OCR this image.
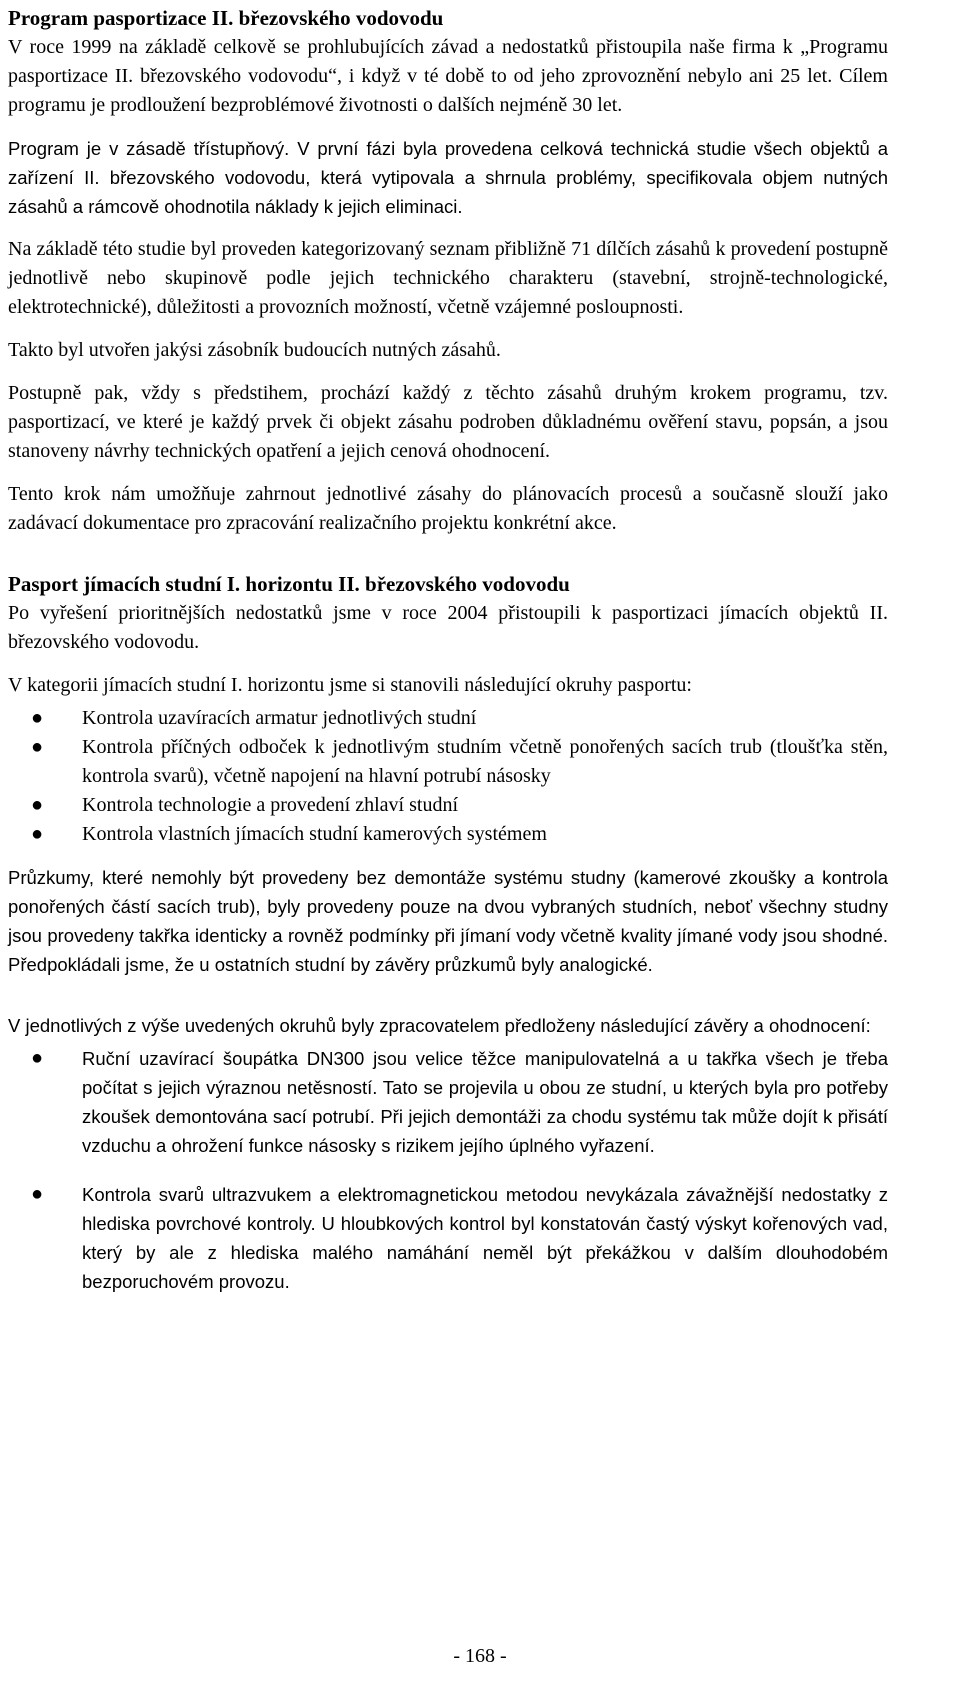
Program pasportizace II. březovského vodovodu

V roce 1999 na základě celkově se prohlubujících závad a nedostatků přistoupila naše firma k „Programu pasportizace II. březovského vodovodu“, i když v té době to od jeho zprovoznění nebylo ani 25 let. Cílem programu je prodloužení bezproblémové životnosti o dalších nejméně 30 let.

Program je v zásadě třístupňový. V první fázi byla provedena celková technická studie všech objektů a zařízení II. březovského vodovodu, která vytipovala a shrnula problémy, specifikovala objem nutných zásahů a rámcově ohodnotila náklady k jejich eliminaci.

Na základě této studie byl proveden kategorizovaný seznam přibližně 71 dílčích zásahů k provedení postupně jednotlivě nebo skupinově podle jejich technického charakteru (stavební, strojně-technologické, elektrotechnické), důležitosti a provozních možností, včetně vzájemné posloupnosti.

Takto byl utvořen jakýsi zásobník budoucích nutných zásahů.

Postupně pak, vždy s předstihem, prochází každý z těchto zásahů druhým krokem programu, tzv. pasportizací, ve které je každý prvek či objekt zásahu podroben důkladnému ověření stavu, popsán, a jsou stanoveny návrhy technických opatření a jejich cenová ohodnocení.

Tento krok nám umožňuje zahrnout jednotlivé zásahy do plánovacích procesů a současně slouží jako zadávací dokumentace pro zpracování realizačního projektu konkrétní akce.

Pasport jímacích studní I. horizontu II. březovského vodovodu

Po vyřešení prioritnějších nedostatků jsme v roce 2004 přistoupili k pasportizaci jímacích objektů II. březovského vodovodu.

V kategorii jímacích studní I. horizontu jsme si stanovili následující okruhy pasportu:

● Kontrola uzavíracích armatur jednotlivých studní
● Kontrola příčných odboček k jednotlivým studním včetně ponořených sacích trub (tloušťka stěn, kontrola svarů), včetně napojení na hlavní potrubí násosky
● Kontrola technologie a provedení zhlaví studní
● Kontrola vlastních jímacích studní kamerových systémem

Průzkumy, které nemohly být provedeny bez demontáže systému studny (kamerové zkoušky a kontrola ponořených částí sacích trub), byly provedeny pouze na dvou vybraných studních, neboť všechny studny jsou provedeny takřka identicky a rovněž podmínky při jímaní vody včetně kvality jímané vody jsou shodné. Předpokládali jsme, že u ostatních studní by závěry průzkumů byly analogické.

V jednotlivých z výše uvedených okruhů byly zpracovatelem předloženy následující závěry a ohodnocení:

● Ruční uzavírací šoupátka DN300 jsou velice těžce manipulovatelná a u takřka všech je třeba počítat s jejich výraznou netěsností. Tato se projevila u obou ze studní, u kterých byla pro potřeby zkoušek demontována sací potrubí. Při jejich demontáži za chodu systému tak může dojít k přisátí vzduchu a ohrožení funkce násosky s rizikem jejího úplného vyřazení.
● Kontrola svarů ultrazvukem a elektromagnetickou metodou nevykázala závažnější nedostatky z hlediska povrchové kontroly. U hloubkových kontrol byl konstatován častý výskyt kořenových vad, který by ale z hlediska malého namáhání neměl být překážkou v dalším dlouhodobém bezporuchovém provozu.
- 168 -
